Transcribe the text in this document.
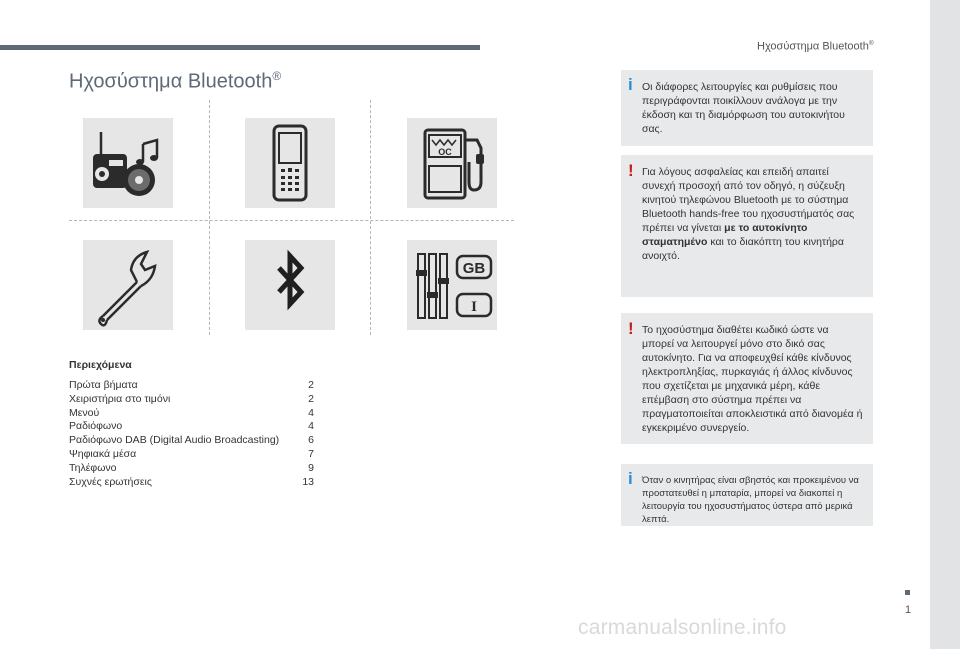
1
Ηχοσύστημα Bluetooth®
Ηχοσύστημα Bluetooth®
OC
GB
I
Περιεχόμενα
Πρώτα βήματα	2
Χειριστήρια στο τιμόνι	2
Μενού	4
Ραδιόφωνο	4
Ραδιόφωνο DAB (Digital Audio Broadcasting)	6
Ψηφιακά μέσα	7
Τηλέφωνο	9
Συχνές ερωτήσεις	13
i Οι διάφορες λειτουργίες και ρυθμίσεις που περιγράφονται ποικίλλουν ανάλογα με την έκδοση και τη διαμόρφωση του αυτοκινήτου σας.
! Για λόγους ασφαλείας και επειδή απαιτεί συνεχή προσοχή από τον οδηγό, η σύζευξη κινητού τηλεφώνου Bluetooth με το σύστημα Bluetooth hands-free του ηχοσυστήματός σας πρέπει να γίνεται με το αυτοκίνητο σταματημένο και το διακόπτη του κινητήρα ανοιχτό.
! Το ηχοσύστημα διαθέτει κωδικό ώστε να μπορεί να λειτουργεί μόνο στο δικό σας αυτοκίνητο. Για να αποφευχθεί κάθε κίνδυνος ηλεκτροπληξίας, πυρκαγιάς ή άλλος κίνδυνος που σχετίζεται με μηχανικά μέρη, κάθε επέμβαση στο σύστημα πρέπει να πραγματοποιείται αποκλειστικά από διανομέα ή εγκεκριμένο συνεργείο.
i Όταν ο κινητήρας είναι σβηστός και προκειμένου να προστατευθεί η μπαταρία, μπορεί να διακοπεί η λειτουργία του ηχοσυστήματος ύστερα από μερικά λεπτά.
carmanualsonline.info
